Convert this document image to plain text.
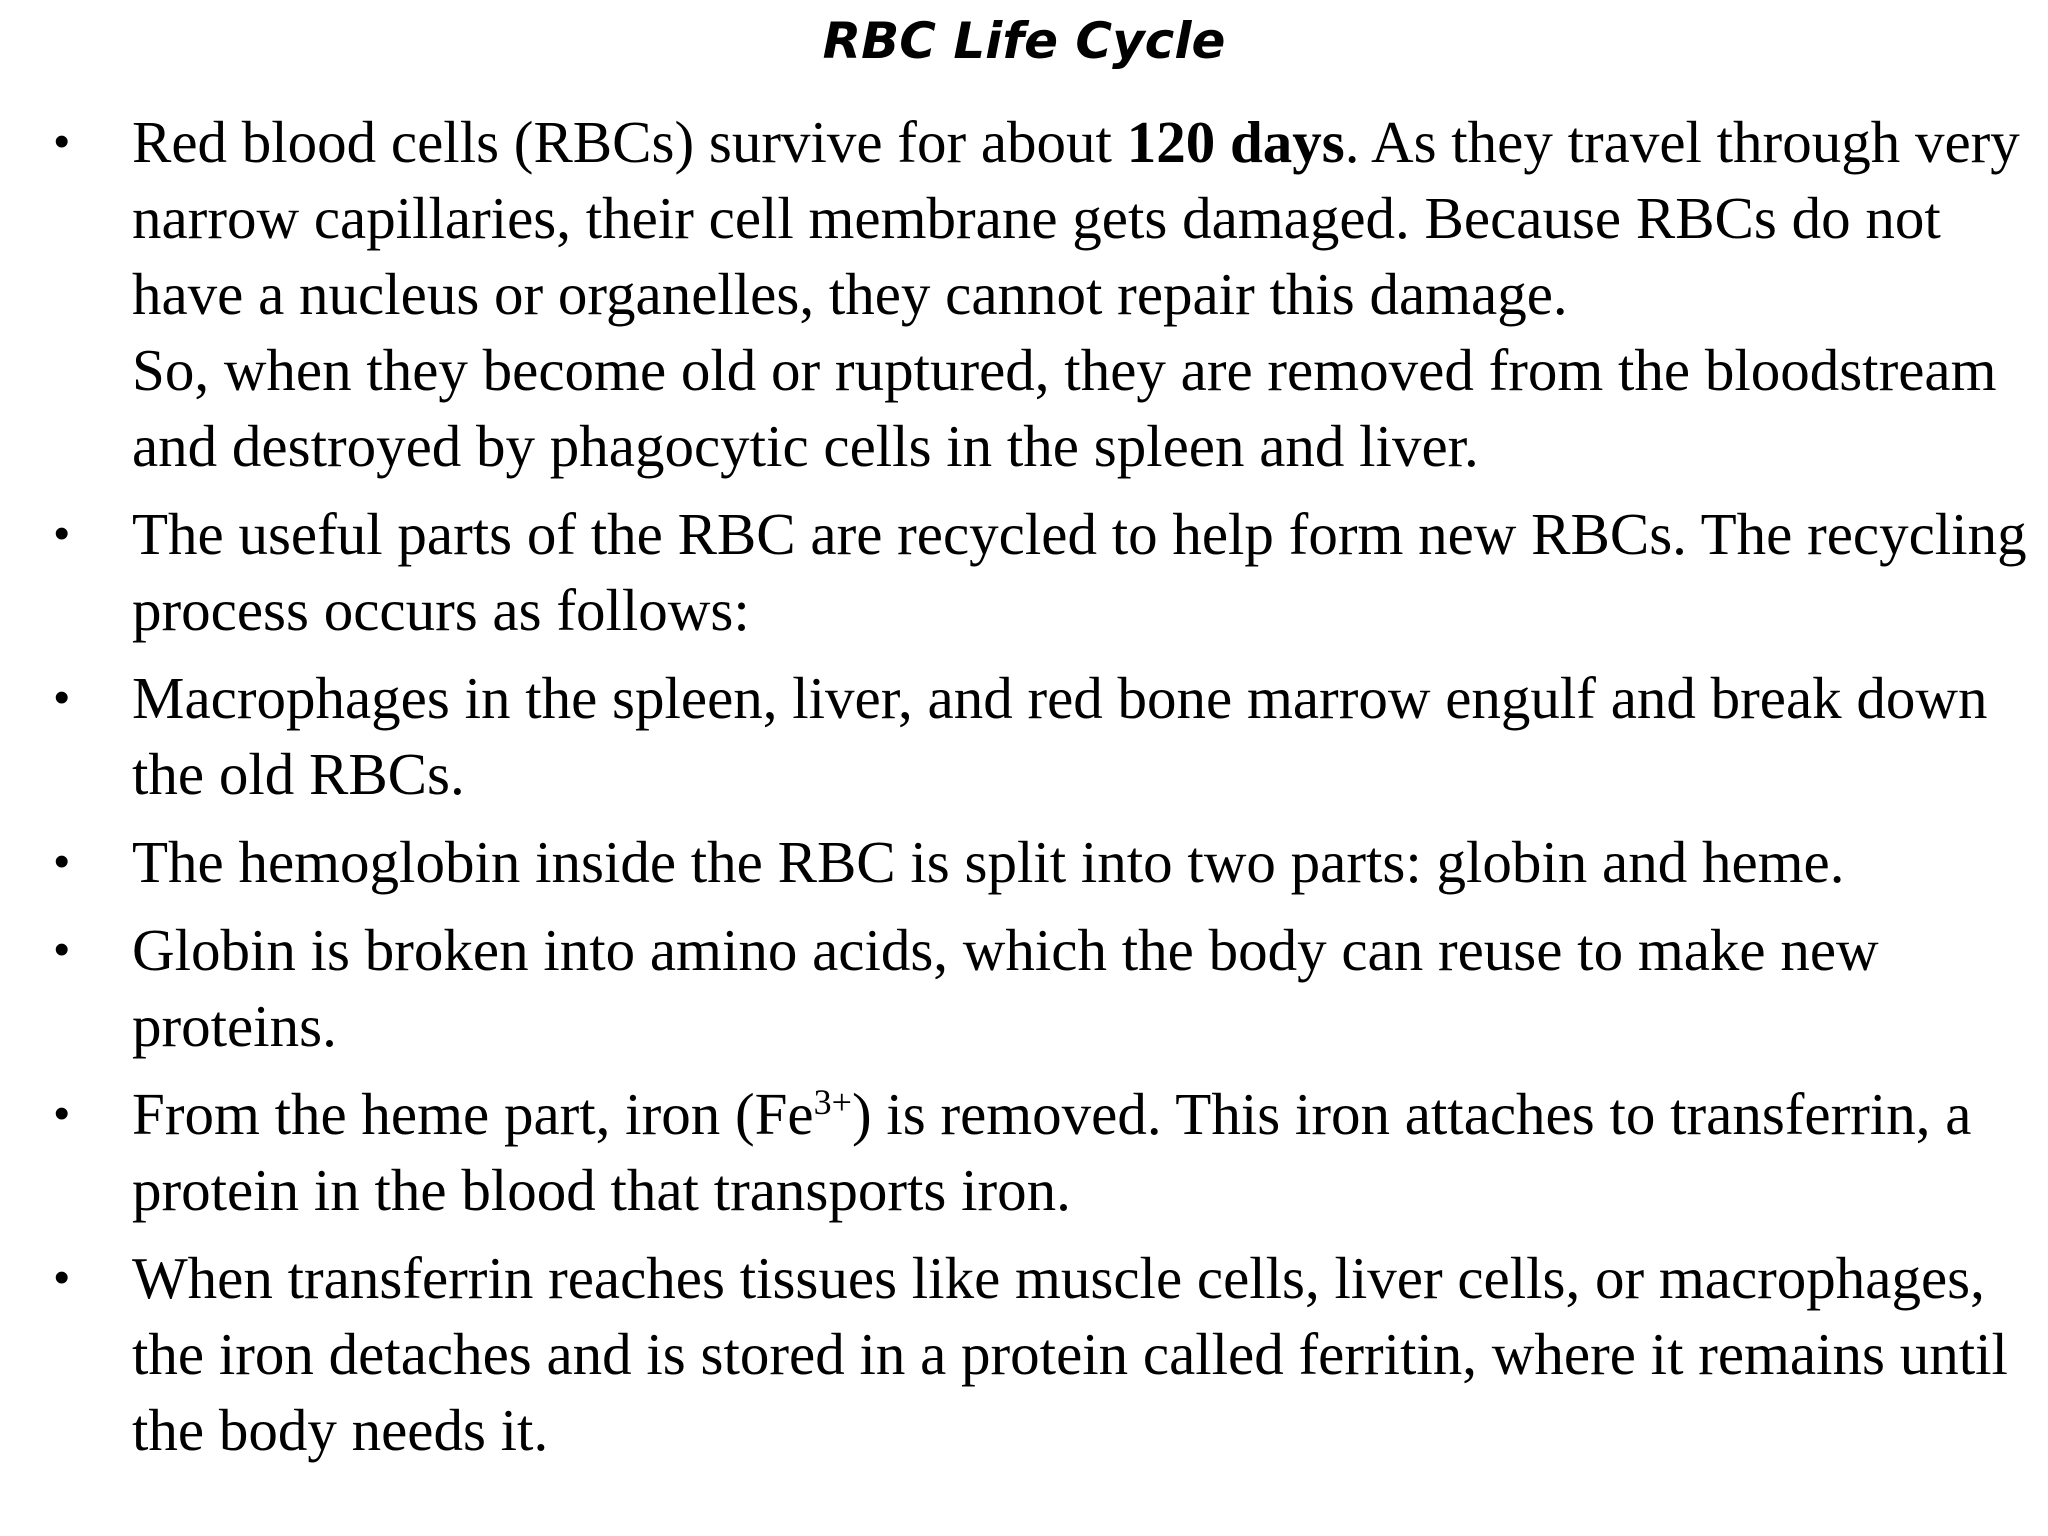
RBC Life Cycle
• Red blood cells (RBCs) survive for about 120 days. As they travel through very narrow capillaries, their cell membrane gets damaged. Because RBCs do not have a nucleus or organelles, they cannot repair this damage.
So, when they become old or ruptured, they are removed from the bloodstream and destroyed by phagocytic cells in the spleen and liver.
• The useful parts of the RBC are recycled to help form new RBCs. The recycling process occurs as follows:
• Macrophages in the spleen, liver, and red bone marrow engulf and break down the old RBCs.
• The hemoglobin inside the RBC is split into two parts: globin and heme.
• Globin is broken into amino acids, which the body can reuse to make new proteins.
• From the heme part, iron $(Fe^{3+})$ is removed. This iron attaches to transferrin, a protein in the blood that transports iron.
• When transferrin reaches tissues like muscle cells, liver cells, or macrophages, the iron detaches and is stored in a protein called ferritin, where it remains until the body needs it.
